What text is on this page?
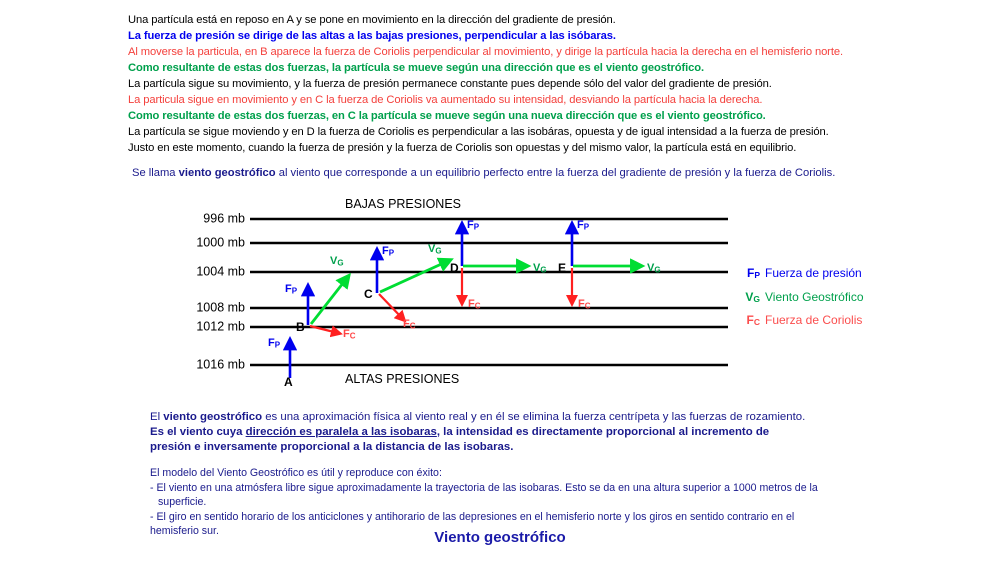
Una partícula está en reposo en A y se pone en movimiento en la dirección del gradiente de presión.
La fuerza de presión se dirige de las altas a las bajas presiones, perpendicular a las isóbaras.
Al moverse la particula, en B aparece la fuerza de Coriolis perpendicular al movimiento, y dirige la partícula hacia la derecha en el hemisferio norte.
Como resultante de estas dos fuerzas, la partícula se mueve según una dirección que es el viento geostrófico.
La partícula sigue su movimiento, y la fuerza de presión permanece constante pues depende sólo del valor del gradiente de presión.
La particula sigue en movimiento y en C la fuerza de Coriolis va aumentado su intensidad, desviando la partícula hacia la derecha.
Como resultante de estas dos fuerzas, en C la partícula se mueve según una nueva dirección que es el viento geostrófico.
La partícula se sigue moviendo y en D la fuerza de Coriolis es perpendicular a las isobáras, opuesta y de igual intensidad a la fuerza de presión.
Justo en este momento, cuando la fuerza de presión y la fuerza de Coriolis son opuestas y del mismo valor, la partícula está en equilibrio.
Se llama viento geostrófico al viento que corresponde a un equilibrio perfecto entre la fuerza del gradiente de presión y la fuerza de Coriolis.
996 mb
1000 mb
1004 mb
1008 mb
1012 mb
1016 mb
BAJAS PRESIONES
ALTAS PRESIONES
A
FP
B
FP
FC
VG
C
FP
FC
VG
D
FP
FC
VG E
FP
FC
VG	$F_P$ Fuerza de presión
$V_G$ Viento Geostrófico
$F_C$ Fuerza de Coriolis
El viento geostrófico es una aproximación física al viento real y en él se elimina la fuerza centrípeta y las fuerzas de rozamiento.
Es el viento cuya dirección es paralela a las isobaras, la intensidad es directamente proporcional al incremento de
presión e inversamente proporcional a la distancia de las isobaras.
El modelo del Viento Geostrófico es útil y reproduce con éxito:
- El viento en una atmósfera libre sigue aproximadamente la trayectoria de las isobaras. Esto se da en una altura superior a 1000 metros de la
superficie.
- El giro en sentido horario de los anticiclones y antihorario de las depresiones en el hemisferio norte y los giros en sentido contrario en el
hemisferio sur.	Viento geostrófico
